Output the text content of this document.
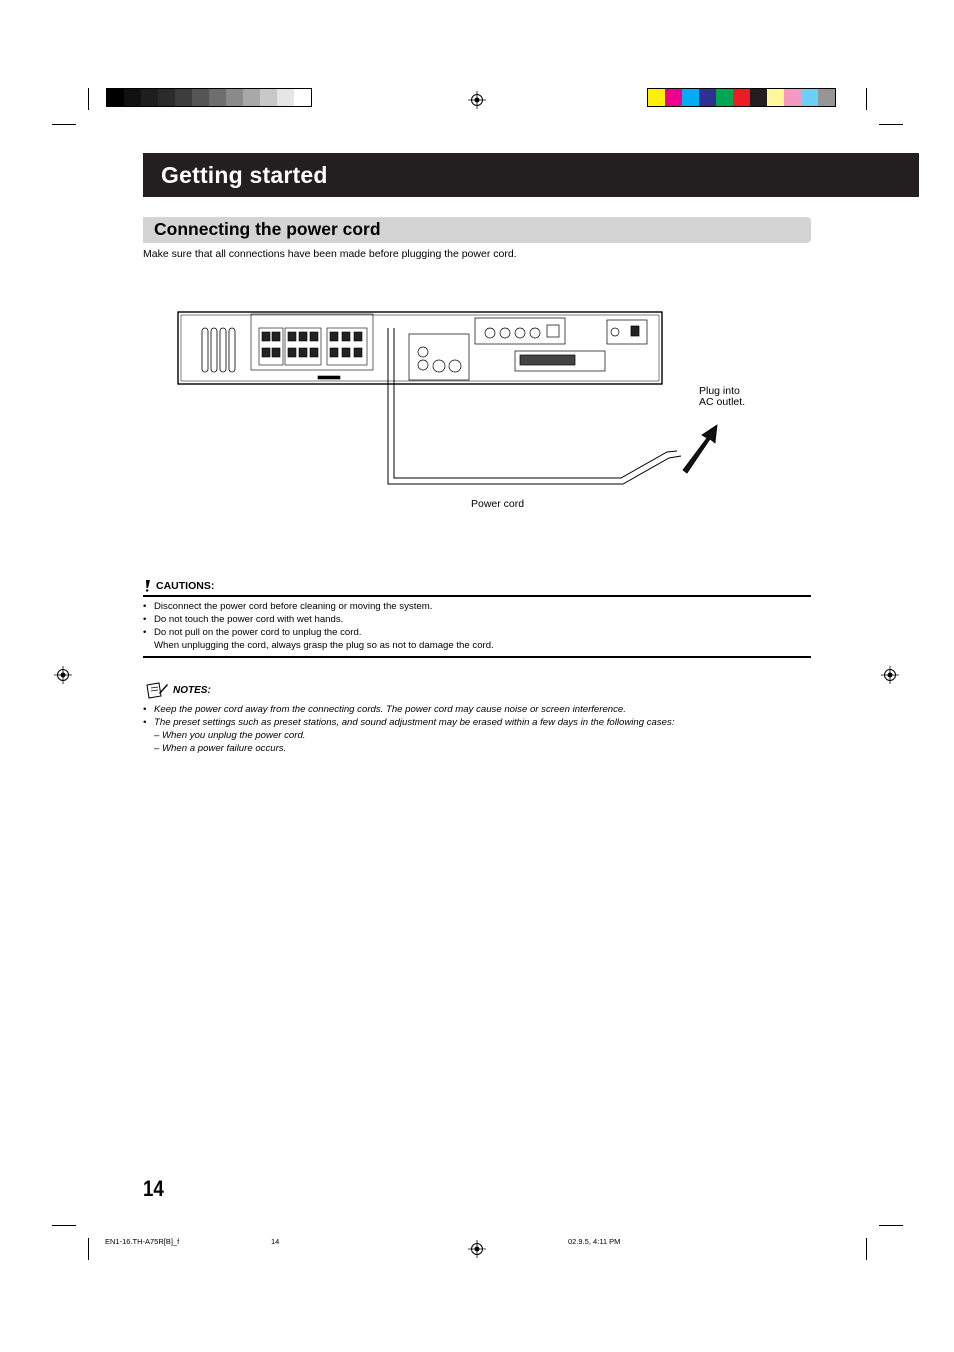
Getting started
Connecting the power cord
Make sure that all connections have been made before plugging the power cord.
Plug into
AC outlet.
Power cord
CAUTIONS:
• Disconnect the power cord before cleaning or moving the system.
• Do not touch the power cord with wet hands.
• Do not pull on the power cord to unplug the cord.
When unplugging the cord, always grasp the plug so as not to damage the cord.
NOTES:
• Keep the power cord away from the connecting cords. The power cord may cause noise or screen interference.
• The preset settings such as preset stations, and sound adjustment may be erased within a few days in the following cases:
– When you unplug the power cord.
– When a power failure occurs.
14
EN1-16.TH-A75R[B]_f	14	02.9.5, 4:11 PM
